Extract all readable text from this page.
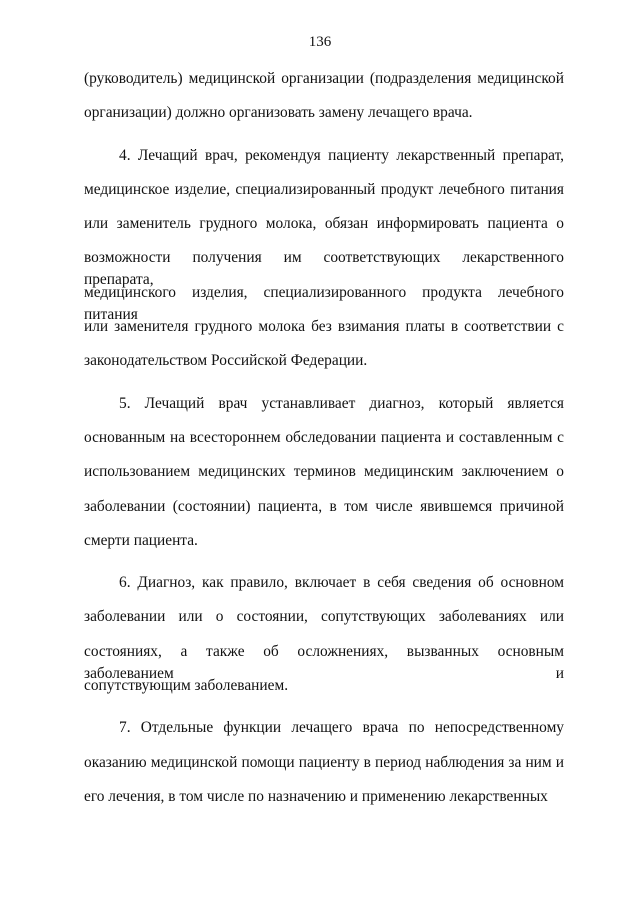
136
(руководитель) медицинской организации (подразделения медицинской
организации) должно организовать замену лечащего врача.
4. Лечащий врач, рекомендуя пациенту лекарственный препарат,
медицинское изделие, специализированный продукт лечебного питания
или заменитель грудного молока, обязан информировать пациента о
возможности получения им соответствующих лекарственного препарата,
медицинского изделия, специализированного продукта лечебного питания
или заменителя грудного молока без взимания платы в соответствии с
законодательством Российской Федерации.
5. Лечащий врач устанавливает диагноз, который является
основанным на всестороннем обследовании пациента и составленным с
использованием медицинских терминов медицинским заключением о
заболевании (состоянии) пациента, в том числе явившемся причиной
смерти пациента.
6. Диагноз, как правило, включает в себя сведения об основном
заболевании или о состоянии, сопутствующих заболеваниях или
состояниях, а также об осложнениях, вызванных основным заболеванием и
сопутствующим заболеванием.
7. Отдельные функции лечащего врача по непосредственному
оказанию медицинской помощи пациенту в период наблюдения за ним и
его лечения, в том числе по назначению и применению лекарственных
